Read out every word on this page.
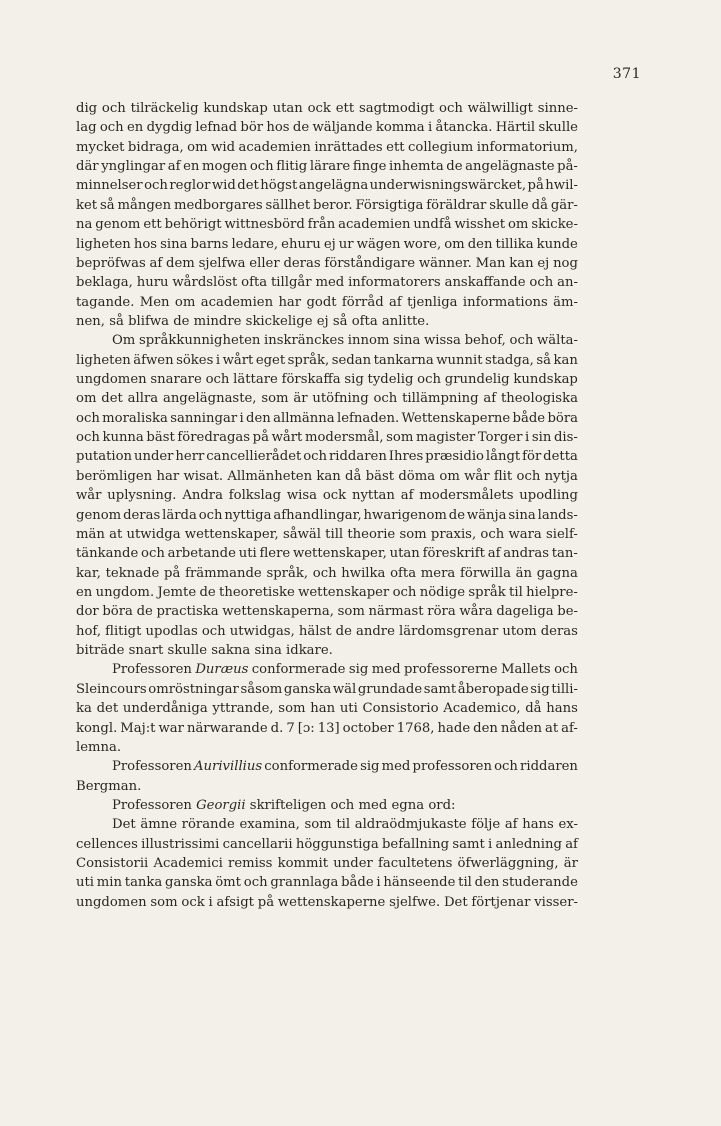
371
dig och tilräckelig kundskap utan ock ett sagtmodigt och wälwilligt sinne-
lag och en dygdig lefnad bör hos de wäljande komma i åtancka. Härtil skulle
mycket bidraga, om wid academien inrättades ett collegium informatorium,
där ynglingar af en mogen och flitig lärare finge inhemta de angelägnaste på-
minnelser och reglor wid det högst angelägna underwisningswärcket, på hwil-
ket så mången medborgares sällhet beror. Försigtiga föräldrar skulle då gär-
na genom ett behörigt wittnesbörd från academien undfå wisshet om skicke-
ligheten hos sina barns ledare, ehuru ej ur wägen wore, om den tillika kunde
bepröfwas af dem sjelfwa eller deras förståndigare wänner. Man kan ej nog
beklaga, huru wårdslöst ofta tillgår med informatorers anskaffande och an-
tagande. Men om academien har godt förråd af tjenliga informations äm-
nen, så blifwa de mindre skickelige ej så ofta anlitte.
Om språkkunnigheten inskränckes innom sina wissa behof, och wälta-
ligheten äfwen sökes i wårt eget språk, sedan tankarna wunnit stadga, så kan
ungdomen snarare och lättare förskaffa sig tydelig och grundelig kundskap
om det allra angelägnaste, som är utöfning och tillämpning af theologiska
och moraliska sanningar i den allmänna lefnaden. Wettenskaperne både böra
och kunna bäst föredragas på wårt modersmål, som magister Torger i sin dis-
putation under herr cancellierådet och riddaren Ihres præsidio långt för detta
berömligen har wisat. Allmänheten kan då bäst döma om wår flit och nytja
wår uplysning. Andra folkslag wisa ock nyttan af modersmålets upodling
genom deras lärda och nyttiga afhandlingar, hwarigenom de wänja sina lands-
män at utwidga wettenskaper, såwäl till theorie som praxis, och wara sielf-
tänkande och arbetande uti flere wettenskaper, utan föreskrift af andras tan-
kar, teknade på främmande språk, och hwilka ofta mera förwilla än gagna
en ungdom. Jemte de theoretiske wettenskaper och nödige språk til hielpre-
dor böra de practiska wettenskaperna, som närmast röra wåra dageliga be-
hof, flitigt upodlas och utwidgas, hälst de andre lärdomsgrenar utom deras
biträde snart skulle sakna sina idkare.
Professoren Duræus conformerade sig med professorerne Mallets och
Sleincours omröstningar såsom ganska wäl grundade samt åberopade sig tilli-
ka det underdåniga yttrande, som han uti Consistorio Academico, då hans
kongl. Maj:t war närwarande d. 7 [ɔ: 13] october 1768, hade den nåden at af-
lemna.
Professoren Aurivillius conformerade sig med professoren och riddaren
Bergman.
Professoren Georgii skrifteligen och med egna ord:
Det ämne rörande examina, som til aldraödmjukaste följe af hans ex-
cellences illustrissimi cancellarii höggunstiga befallning samt i anledning af
Consistorii Academici remiss kommit under facultetens öfwerläggning, är
uti min tanka ganska ömt och grannlaga både i hänseende til den studerande
ungdomen som ock i afsigt på wettenskaperne sjelfwe. Det förtjenar visser-
